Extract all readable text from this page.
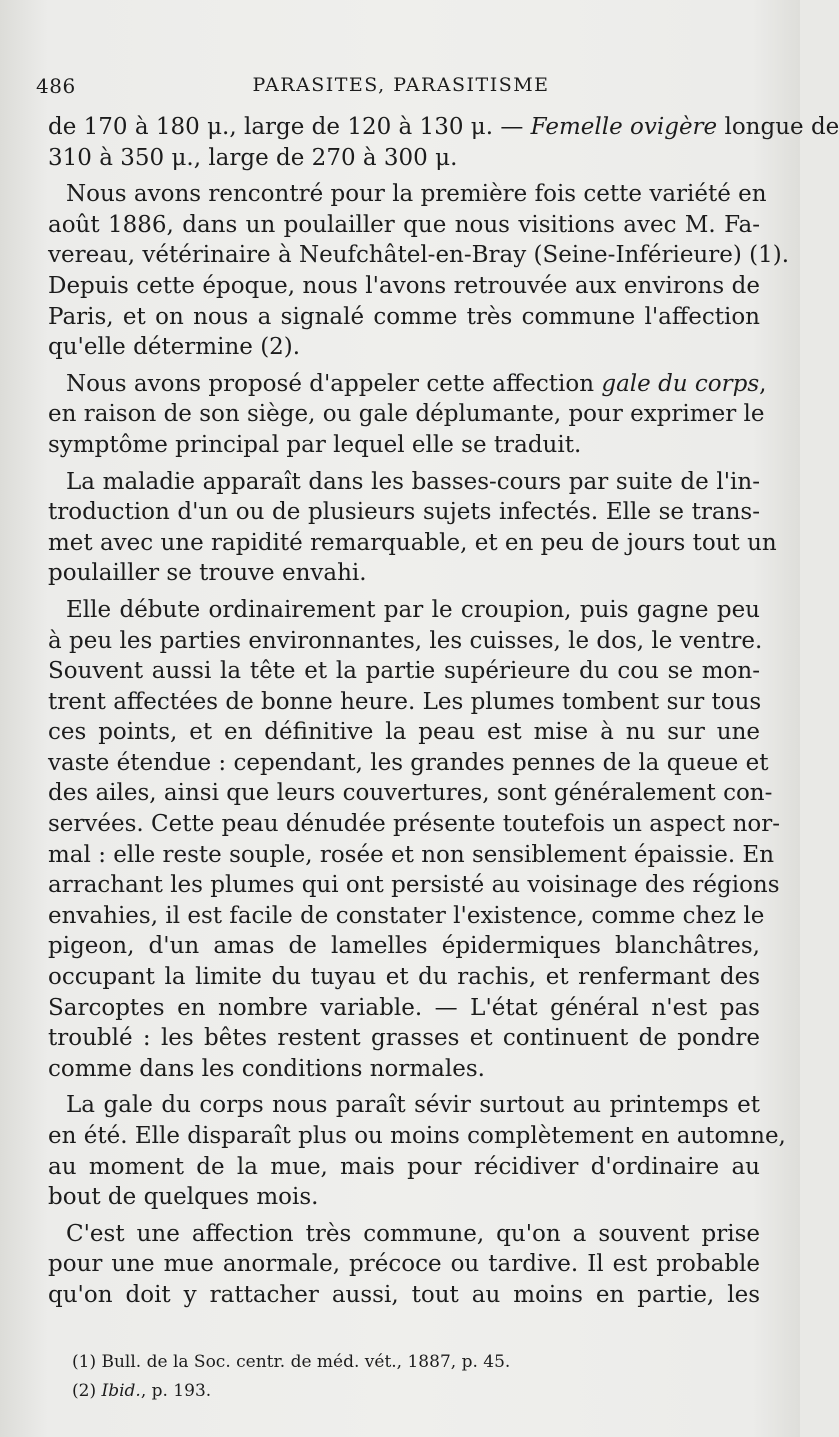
486	PARASITES, PARASITISME
de 170 à 180 μ., large de 120 à 130 μ. — Femelle ovigère longue de
310 à 350 μ., large de 270 à 300 μ.
Nous avons rencontré pour la première fois cette variété en
août 1886, dans un poulailler que nous visitions avec M. Fa-
vereau, vétérinaire à Neufchâtel-en-Bray (Seine-Inférieure) (1).
Depuis cette époque, nous l'avons retrouvée aux environs de
Paris, et on nous a signalé comme très commune l'affection
qu'elle détermine (2).
Nous avons proposé d'appeler cette affection gale du corps,
en raison de son siège, ou gale déplumante, pour exprimer le
symptôme principal par lequel elle se traduit.
La maladie apparaît dans les basses-cours par suite de l'in-
troduction d'un ou de plusieurs sujets infectés. Elle se trans-
met avec une rapidité remarquable, et en peu de jours tout un
poulailler se trouve envahi.
Elle débute ordinairement par le croupion, puis gagne peu
à peu les parties environnantes, les cuisses, le dos, le ventre.
Souvent aussi la tête et la partie supérieure du cou se mon-
trent affectées de bonne heure. Les plumes tombent sur tous
ces points, et en définitive la peau est mise à nu sur une
vaste étendue : cependant, les grandes pennes de la queue et
des ailes, ainsi que leurs couvertures, sont généralement con-
servées. Cette peau dénudée présente toutefois un aspect nor-
mal : elle reste souple, rosée et non sensiblement épaissie. En
arrachant les plumes qui ont persisté au voisinage des régions
envahies, il est facile de constater l'existence, comme chez le
pigeon, d'un amas de lamelles épidermiques blanchâtres,
occupant la limite du tuyau et du rachis, et renfermant des
Sarcoptes en nombre variable. — L'état général n'est pas
troublé : les bêtes restent grasses et continuent de pondre
comme dans les conditions normales.
La gale du corps nous paraît sévir surtout au printemps et
en été. Elle disparaît plus ou moins complètement en automne,
au moment de la mue, mais pour récidiver d'ordinaire au
bout de quelques mois.
C'est une affection très commune, qu'on a souvent prise
pour une mue anormale, précoce ou tardive. Il est probable
qu'on doit y rattacher aussi, tout au moins en partie, les
(1) Bull. de la Soc. centr. de méd. vét., 1887, p. 45.
(2) Ibid., p. 193.
